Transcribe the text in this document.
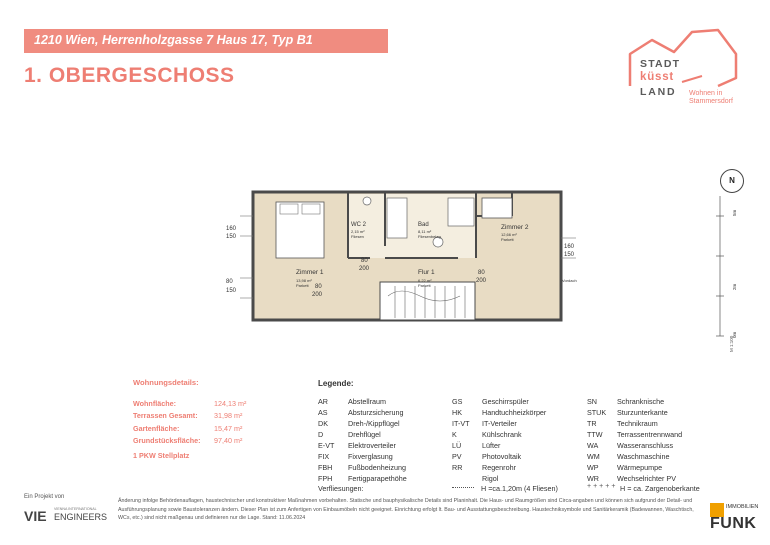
1210 Wien, Herrenholzgasse 7 Haus 17, Typ B1
1. OBERGESCHOSS	STADT
küsst
LAND Wohnen in
Stammersdorf
N
5m
2m
0m
M 1:100
Zimmer 1
13,98 m²
Parkett
WC 2
2,15 m²
Fliesen
Bad
8,11 m²
Fliesenbelag
Zimmer 2
12,66 m²
Parkett
Flur 1
6,22 m²
Parkett
160
150
80
150
160
150
80
200
80
200
80
200	Vordach
Wohnungsdetails:
Wohnfläche:	124,13 m²
Terrassen Gesamt: 31,98 m²
Gartenfläche:	15,47 m²
Grundstücksfläche: 97,40 m²
1 PKW Stellplatz
Legende:
AR	Abstellraum
AS	Absturzsicherung
DK	Dreh-/Kippflügel
D	Drehflügel
E-VT Elektroverteiler
FIX	Fixverglasung
FBH Fußbodenheizung
FPH Fertigparapethöhe
GS	Geschirrspüler
HK	Handtuchheizkörper
IT-VT IT-Verteiler
K	Kühlschrank
LÜ	Lüfter
PV	Photovoltaik
RR	Regenrohr
Rigol
SN	Schranknische
STUK Sturzunterkante
TR	Technikraum
TTW Terrassentrennwand
WA	Wasseranschluss
WM Waschmaschine
WP	Wärmepumpe
WR	Wechselrichter PV
Verfliesungen:	H =ca.1,20m (4 Fliesen)	+++++ H = ca. Zargenoberkante
Ein Projekt von
VIE VIENNA INTERNATIONAL
ENGINEERS
Änderung infolge Behördenauflagen, haustechnischer und konstruktiver Maßnahmen vorbehalten. Statische und bauphysikalische Details sind Planinhalt. Die Haus- und Raumgrößen sind Circa-angaben und können sich aufgrund der Detail- und Ausführungsplanung sowie Baustoleranzen ändern. Dieser Plan ist zum Anfertigen von Einbaumöbeln nicht geeignet. Einrichtung erfolgt lt. Bau- und Ausstattungsbeschreibung. Haustechniksymbole und Sanitärkeramik (Badewannen, Waschtisch, WCs, etc.) sind nicht maßgenau und definieren nur die Lage. Stand: 11.06.2024
IMMOBILIEN
FUNK
